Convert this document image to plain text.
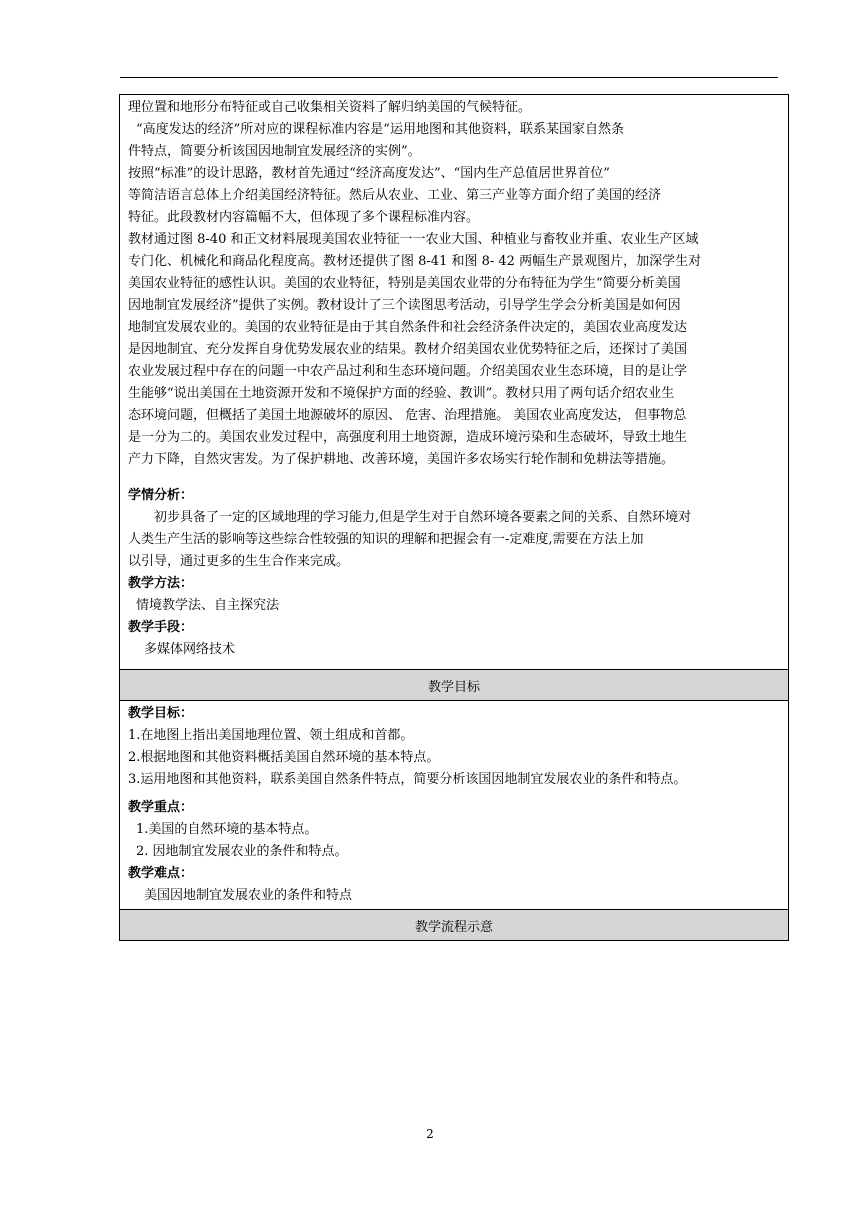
理位置和地形分布特征或自己收集相关资料了解归纳美国的气候特征。

“高度发达的经济”所对应的课程标准内容是“运用地图和其他资料，联系某国家自然条

件特点，简要分析该国因地制宜发展经济的实例”。

按照“标准”的设计思路，教材首先通过“经济高度发达”、“国内生产总值居世界首位”

等简洁语言总体上介绍美国经济特征。然后从农业、工业、第三产业等方面介绍了美国的经济

特征。此段教材内容篇幅不大，但体现了多个课程标准内容。

教材通过图 8-40 和正文材料展现美国农业特征一一农业大国、种植业与畜牧业并重、农业生产区域

专门化、机械化和商品化程度高。教材还提供了图 8-41 和图 8- 42 两幅生产景观图片，加深学生对

美国农业特征的感性认识。美国的农业特征，特别是美国农业带的分布特征为学生“简要分析美国

因地制宜发展经济”提供了实例。教材设计了三个读图思考活动，引导学生学会分析美国是如何因

地制宜发展农业的。美国的农业特征是由于其自然条件和社会经济条件决定的，美国农业高度发达

是因地制宜、充分发挥自身优势发展农业的结果。教材介绍美国农业优势特征之后，还探讨了美国

农业发展过程中存在的问题一中农产品过利和生态环境问题。介绍美国农业生态环境，目的是让学

生能够“说出美国在土地资源开发和不境保护方面的经验、教训”。教材只用了两句话介绍农业生

态环境问题，但概括了美国土地源破坏的原因、 危害、治理措施。 美国农业高度发达， 但事物总

是一分为二的。美国农业发过程中，高强度利用土地资源，造成环境污染和生态破坏，导致土地生

产力下降，自然灾害发。为了保护耕地、改善环境，美国许多农场实行轮作制和免耕法等措施。

学情分析：

初步具备了一定的区域地理的学习能力,但是学生对于自然环境各要素之间的关系、自然环境对

人类生产生活的影响等这些综合性较强的知识的理解和把握会有一-定难度,需要在方法上加

以引导，通过更多的生生合作来完成。

教学方法：

情境教学法、自主探究法

教学手段：

多媒体网络技术

教学目标

教学目标：

1.在地图上指出美国地理位置、领土组成和首都。

2.根据地图和其他资料概括美国自然环境的基本特点。

3.运用地图和其他资料，联系美国自然条件特点，简要分析该国因地制宜发展农业的条件和特点。

教学重点：

1.美国的自然环境的基本特点。

2. 因地制宜发展农业的条件和特点。

教学难点：

美国因地制宜发展农业的条件和特点

教学流程示意
2
